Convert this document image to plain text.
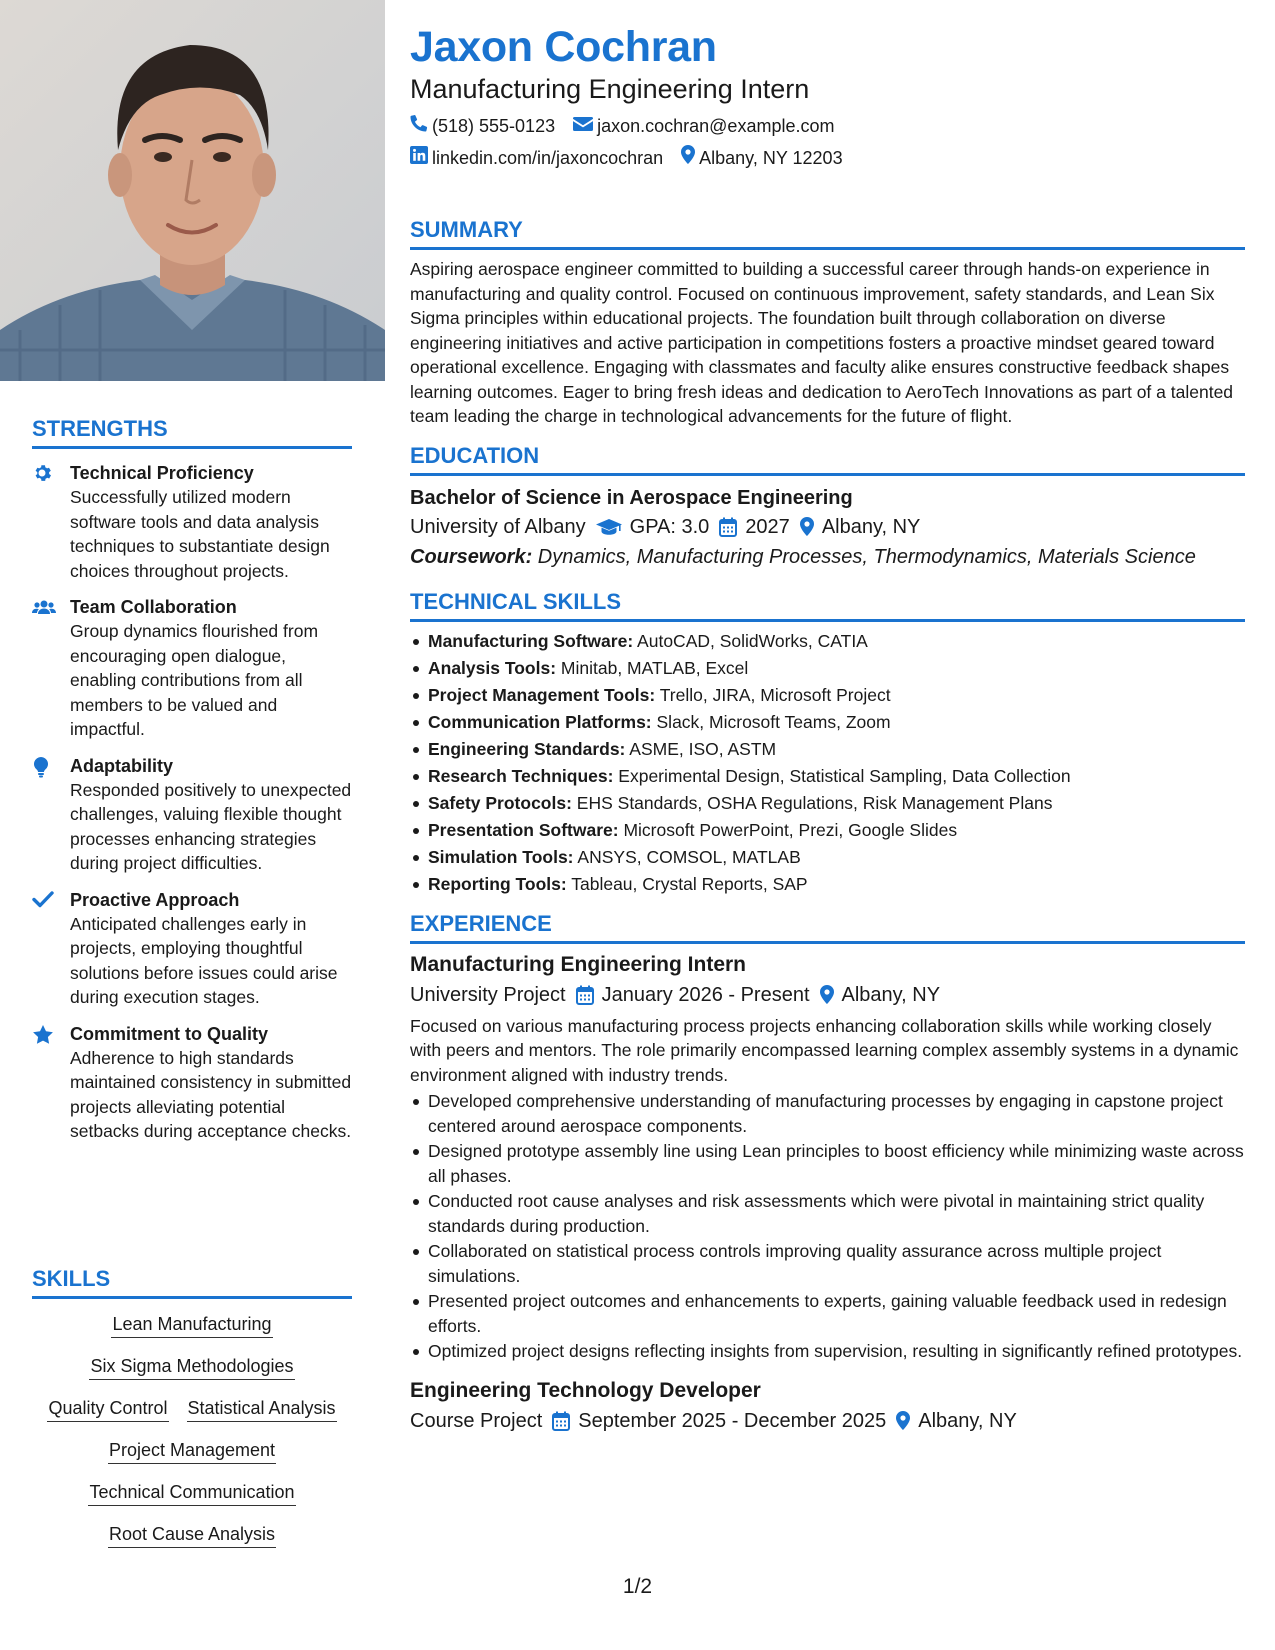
STRENGTHS
Technical Proficiency
Successfully utilized modern software tools and data analysis techniques to substantiate design choices throughout projects.
Team Collaboration
Group dynamics flourished from encouraging open dialogue, enabling contributions from all members to be valued and impactful.
Adaptability
Responded positively to unexpected challenges, valuing flexible thought processes enhancing strategies during project difficulties.
Proactive Approach
Anticipated challenges early in projects, employing thoughtful solutions before issues could arise during execution stages.
Commitment to Quality
Adherence to high standards maintained consistency in submitted projects alleviating potential setbacks during acceptance checks.
SKILLS
Lean Manufacturing
Six Sigma Methodologies
Quality Control Statistical Analysis
Project Management
Technical Communication
Root Cause Analysis
Jaxon Cochran
Manufacturing Engineering Intern
(518) 555-0123 jaxon.cochran@example.com
linkedin.com/in/jaxoncochran Albany, NY 12203
SUMMARY
Aspiring aerospace engineer committed to building a successful career through hands-on experience in manufacturing and quality control. Focused on continuous improvement, safety standards, and Lean Six Sigma principles within educational projects. The foundation built through collaboration on diverse engineering initiatives and active participation in competitions fosters a proactive mindset geared toward operational excellence. Engaging with classmates and faculty alike ensures constructive feedback shapes learning outcomes. Eager to bring fresh ideas and dedication to AeroTech Innovations as part of a talented team leading the charge in technological advancements for the future of flight.
EDUCATION
Bachelor of Science in Aerospace Engineering
University of Albany GPA: 3.0 2027 Albany, NY
Coursework: Dynamics, Manufacturing Processes, Thermodynamics, Materials Science
TECHNICAL SKILLS
Manufacturing Software: AutoCAD, SolidWorks, CATIA
Analysis Tools: Minitab, MATLAB, Excel
Project Management Tools: Trello, JIRA, Microsoft Project
Communication Platforms: Slack, Microsoft Teams, Zoom
Engineering Standards: ASME, ISO, ASTM
Research Techniques: Experimental Design, Statistical Sampling, Data Collection
Safety Protocols: EHS Standards, OSHA Regulations, Risk Management Plans
Presentation Software: Microsoft PowerPoint, Prezi, Google Slides
Simulation Tools: ANSYS, COMSOL, MATLAB
Reporting Tools: Tableau, Crystal Reports, SAP
EXPERIENCE
Manufacturing Engineering Intern
University Project January 2026 - Present Albany, NY
Focused on various manufacturing process projects enhancing collaboration skills while working closely with peers and mentors. The role primarily encompassed learning complex assembly systems in a dynamic environment aligned with industry trends.
Developed comprehensive understanding of manufacturing processes by engaging in capstone project centered around aerospace components.
Designed prototype assembly line using Lean principles to boost efficiency while minimizing waste across all phases.
Conducted root cause analyses and risk assessments which were pivotal in maintaining strict quality standards during production.
Collaborated on statistical process controls improving quality assurance across multiple project simulations.
Presented project outcomes and enhancements to experts, gaining valuable feedback used in redesign efforts.
Optimized project designs reflecting insights from supervision, resulting in significantly refined prototypes.
Engineering Technology Developer
Course Project September 2025 - December 2025 Albany, NY
1/2
